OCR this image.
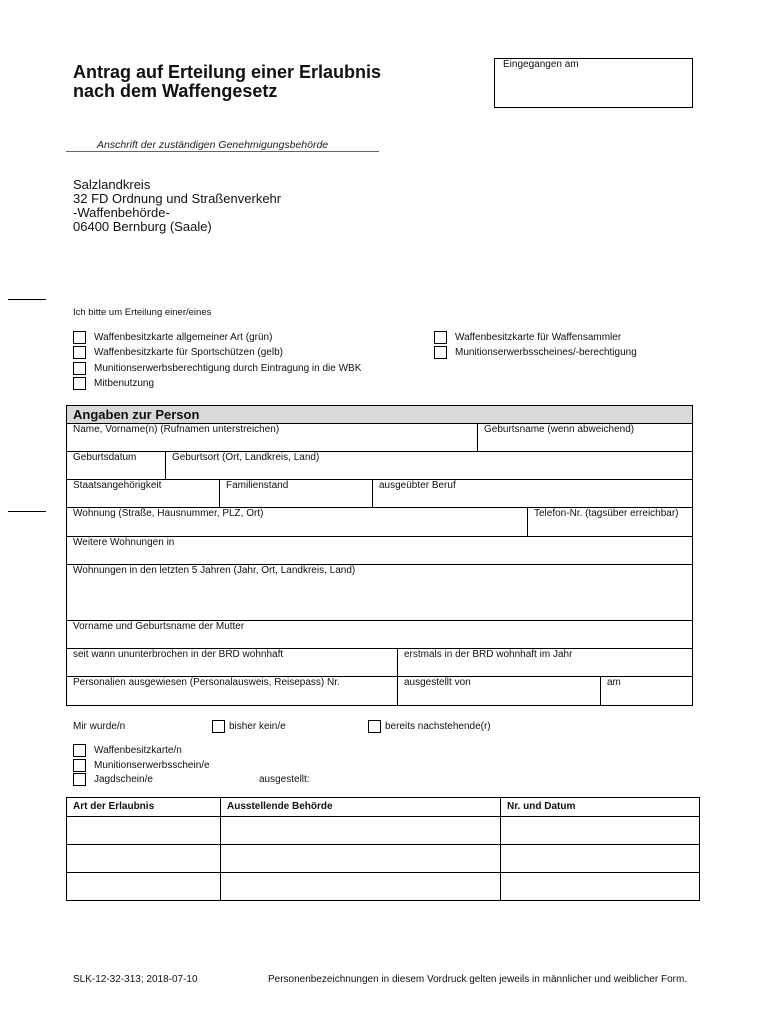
Antrag auf Erteilung einer Erlaubnis
nach dem Waffengesetz
Eingegangen am
Anschrift der zuständigen Genehmigungsbehörde
Salzlandkreis
32 FD Ordnung und Straßenverkehr
-Waffenbehörde-
06400 Bernburg (Saale)
Ich bitte um Erteilung einer/eines
Waffenbesitzkarte allgemeiner Art (grün)
Waffenbesitzkarte für Sportschützen (gelb)
Munitionserwerbsberechtigung durch Eintragung in die WBK
Mitbenutzung
Waffenbesitzkarte für Waffensammler
Munitionserwerbsscheines/-berechtigung
Angaben zur Person
Name, Vorname(n) (Rufnamen unterstreichen)	Geburtsname (wenn abweichend)
Geburtsdatum	Geburtsort (Ort, Landkreis, Land)
Staatsangehörigkeit	Familienstand	ausgeübter Beruf
Wohnung (Straße, Hausnummer, PLZ, Ort)	Telefon-Nr. (tagsüber erreichbar)
Weitere Wohnungen in
Wohnungen in den letzten 5 Jahren (Jahr, Ort, Landkreis, Land)
Vorname und Geburtsname der Mutter
seit wann ununterbrochen in der BRD wohnhaft	erstmals in der BRD wohnhaft im Jahr
Personalien ausgewiesen (Personalausweis, Reisepass) Nr.	ausgestellt von	am
Mir wurde/n	bisher kein/e	bereits nachstehende(r)
Waffenbesitzkarte/n
Munitionserwerbsschein/e
Jagdschein/e	ausgestellt:
Art der Erlaubnis	Ausstellende Behörde	Nr. und Datum
SLK-12-32-313; 2018-07-10	Personenbezeichnungen in diesem Vordruck gelten jeweils in männlicher und weiblicher Form.
